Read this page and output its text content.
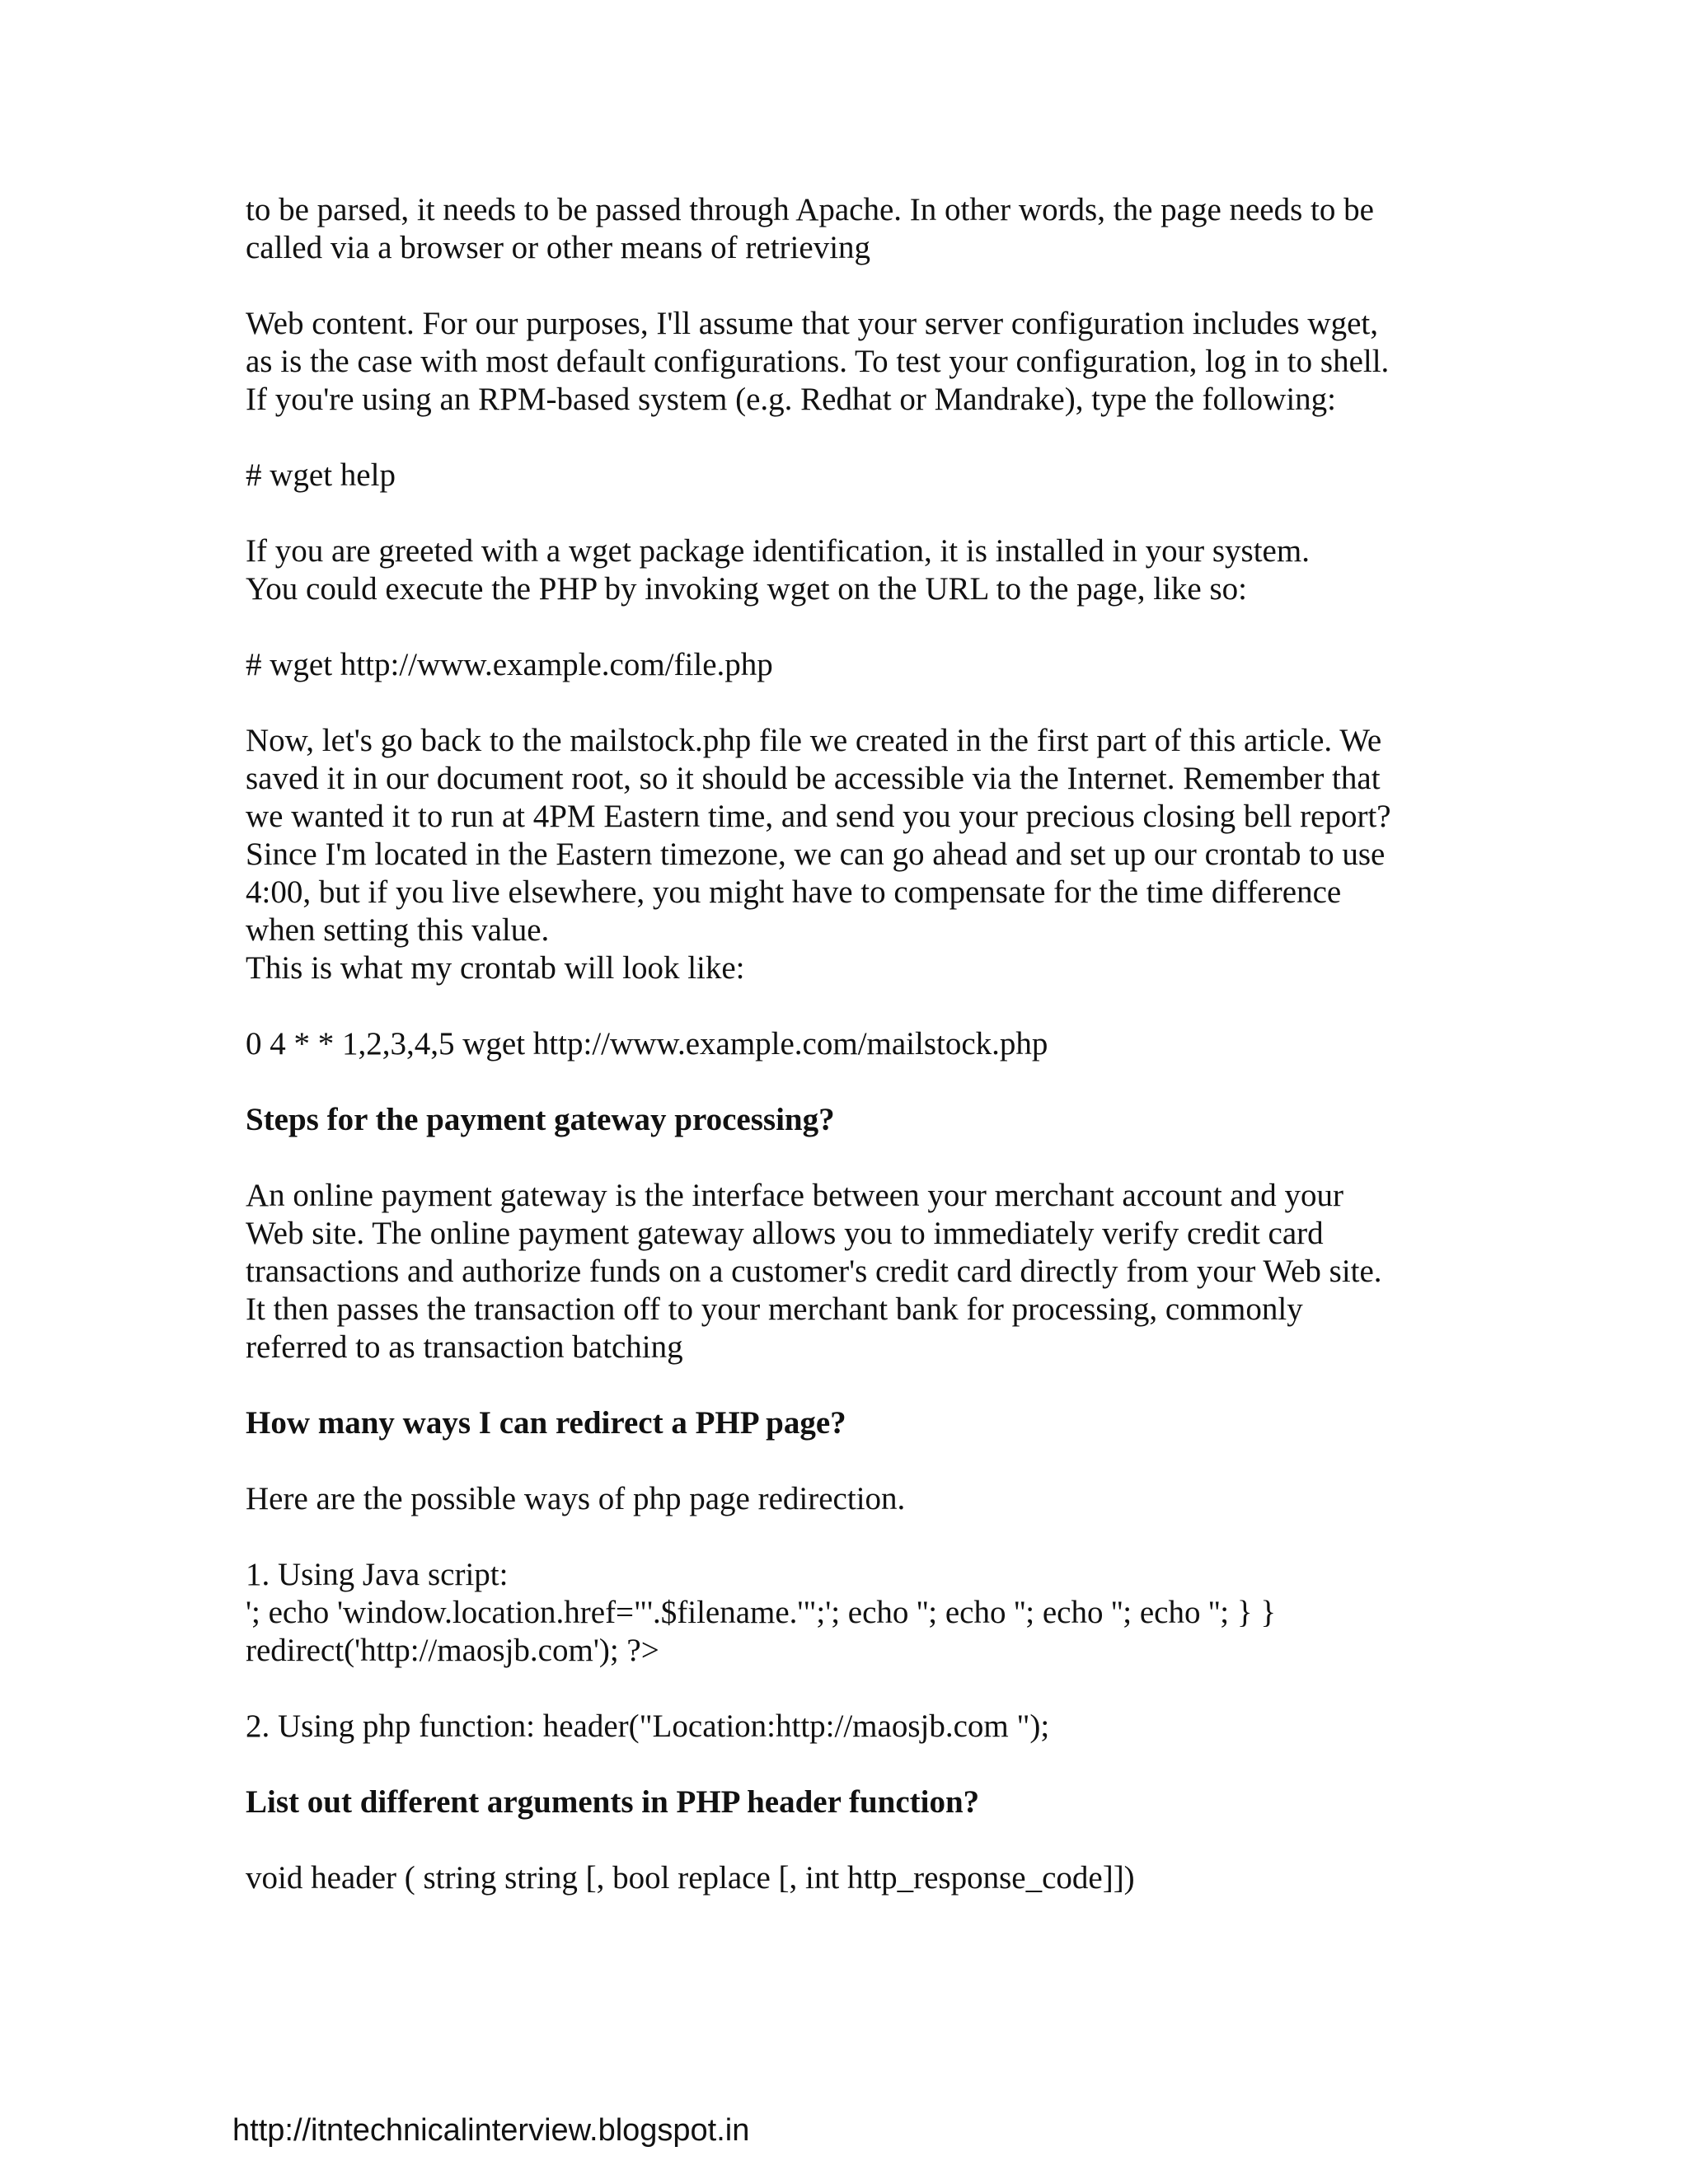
to be parsed, it needs to be passed through Apache. In other words, the page needs to be
called via a browser or other means of retrieving
Web content. For our purposes, I'll assume that your server configuration includes wget,
as is the case with most default configurations. To test your configuration, log in to shell.
If you're using an RPM-based system (e.g. Redhat or Mandrake), type the following:
# wget help
If you are greeted with a wget package identification, it is installed in your system.
You could execute the PHP by invoking wget on the URL to the page, like so:
# wget http://www.example.com/file.php
Now, let's go back to the mailstock.php file we created in the first part of this article. We
saved it in our document root, so it should be accessible via the Internet. Remember that
we wanted it to run at 4PM Eastern time, and send you your precious closing bell report?
Since I'm located in the Eastern timezone, we can go ahead and set up our crontab to use
4:00, but if you live elsewhere, you might have to compensate for the time difference
when setting this value.
This is what my crontab will look like:
0 4 * * 1,2,3,4,5 wget http://www.example.com/mailstock.php
Steps for the payment gateway processing?
An online payment gateway is the interface between your merchant account and your
Web site. The online payment gateway allows you to immediately verify credit card
transactions and authorize funds on a customer's credit card directly from your Web site.
It then passes the transaction off to your merchant bank for processing, commonly
referred to as transaction batching
How many ways I can redirect a PHP page?
Here are the possible ways of php page redirection.
1. Using Java script:
'; echo 'window.location.href="'.$filename.'";'; echo ''; echo ''; echo ''; echo ''; } }
redirect('http://maosjb.com'); ?>
2. Using php function: header("Location:http://maosjb.com ");
List out different arguments in PHP header function?
void header ( string string [, bool replace [, int http_response_code]])
http://itntechnicalinterview.blogspot.in
